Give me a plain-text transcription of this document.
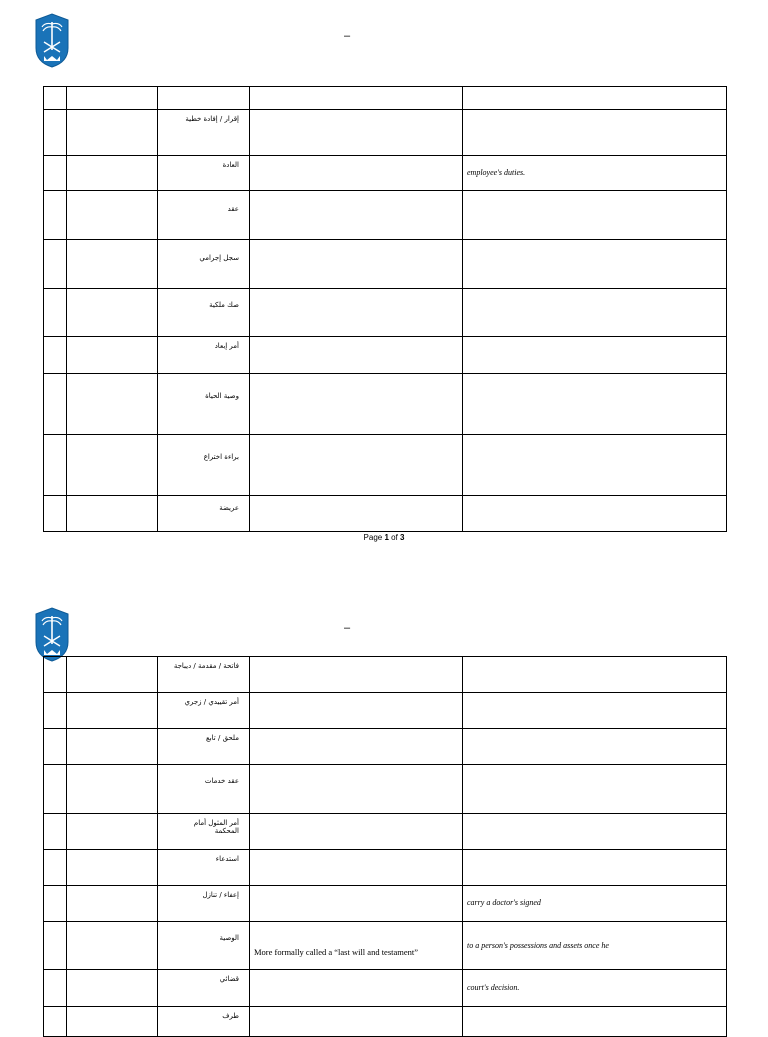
–

		إقرار / إفادة خطية		

		العادة		employee's duties.

		عقد		

		سجل إجرامي		

		صك ملكية		

		أمر إبعاد		

		وصية الحياة		

		براءة اختراع		

		عريضة		

Page 1 of 3
–

		فاتحة / مقدمة / ديباجة		

		أمر تقييدي / زجري		

		ملحق / تابع		

		عقد خدمات		

		أمر المثول أمام المحكمة		

		استدعاء		

		إعفاء / تنازل		carry a doctor's signed

		الوصية	More formally called a “last will and testament”	to a person's possessions and assets once he

		قضائي		court's decision.

		طرف		
